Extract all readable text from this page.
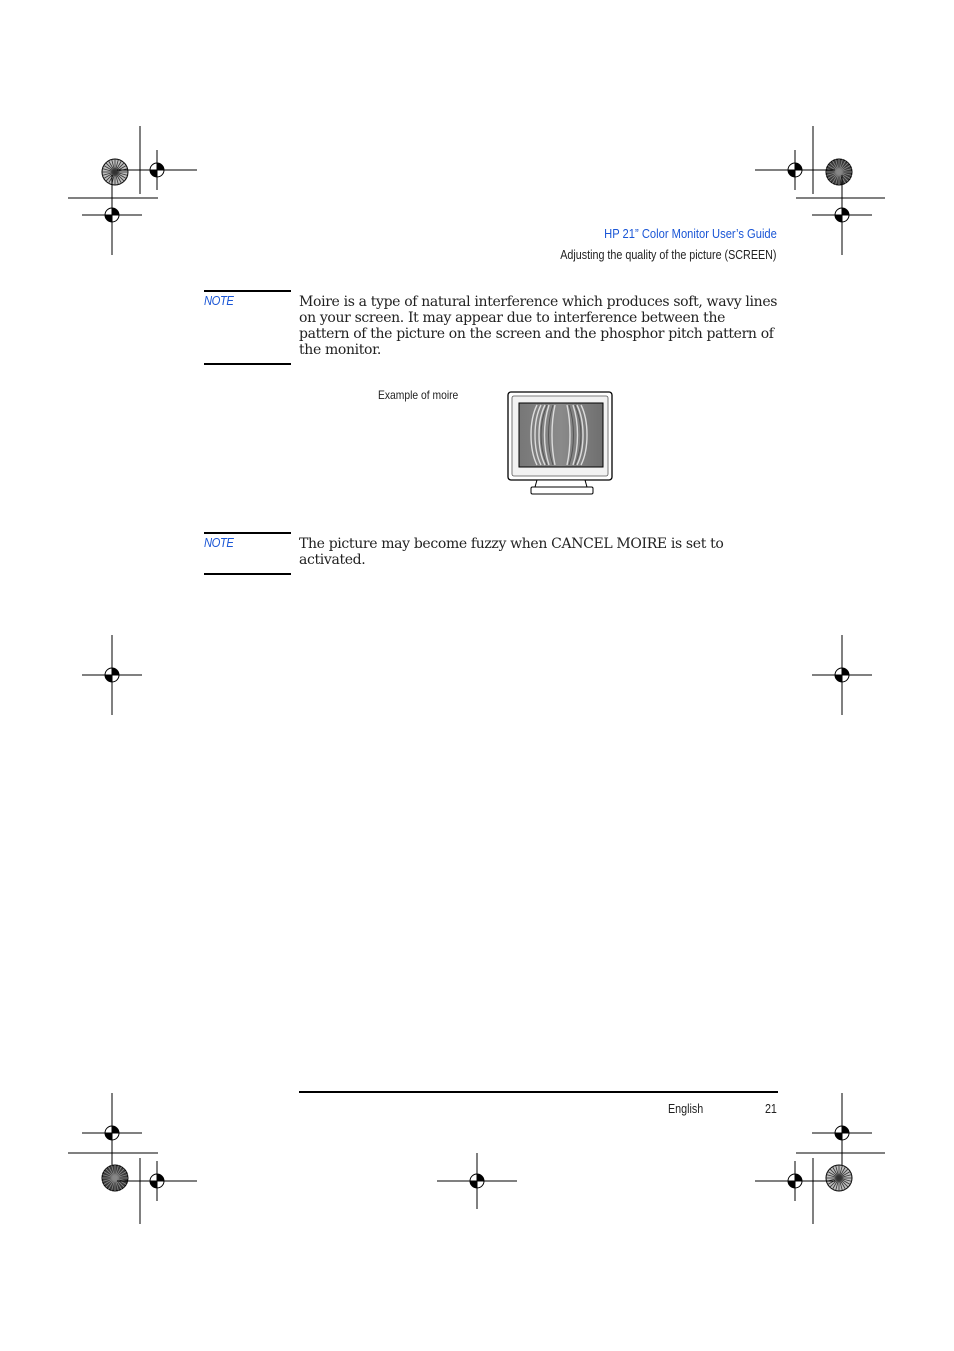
HP 21” Color Monitor User’s Guide
Adjusting the quality of the picture (SCREEN)
NOTE	Moire is a type of natural interference which produces soft, wavy lines on your screen. It may appear due to interference between the pattern of the picture on the screen and the phosphor pitch pattern of the monitor.
Example of moire
NOTE	The picture may become fuzzy when CANCEL MOIRE is set to activated.
English	21
